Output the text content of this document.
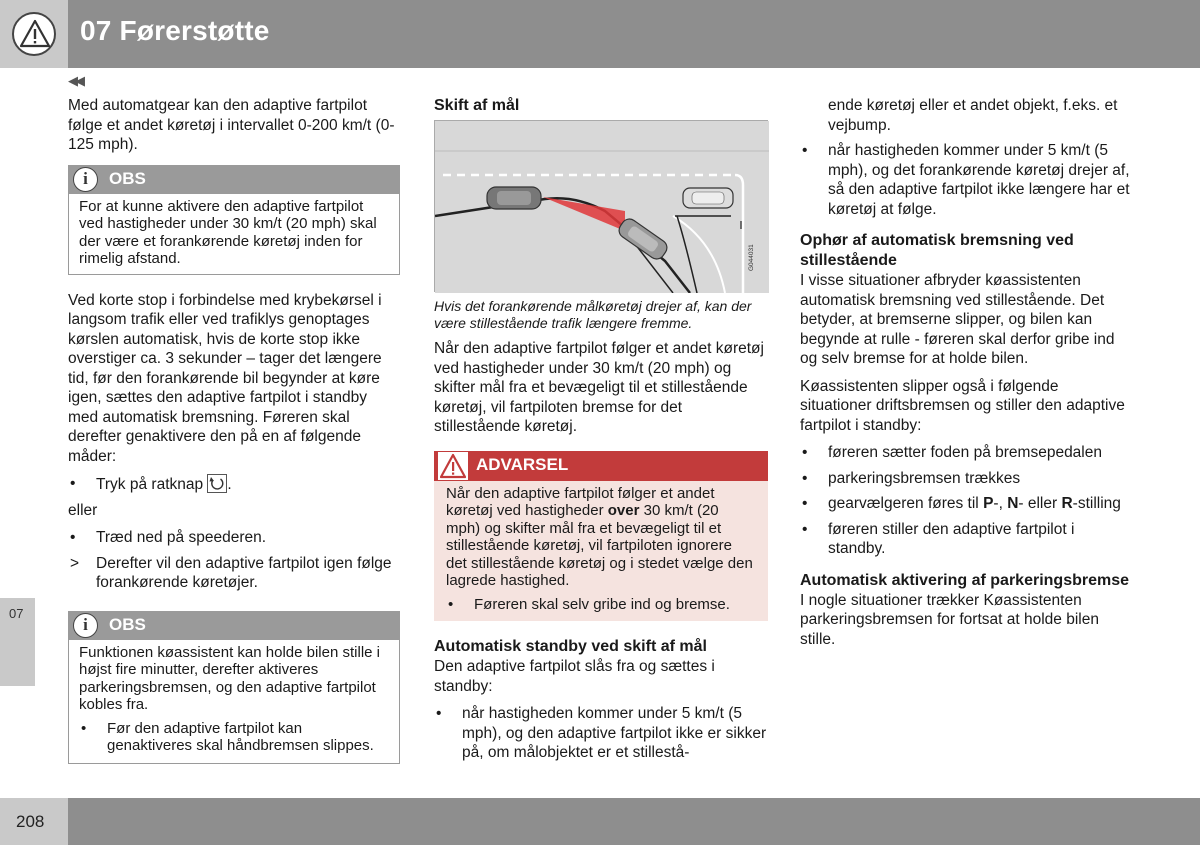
07 Førerstøtte
07
◀◀

Med automatgear kan den adaptive fartpilot følge et andet køretøj i intervallet 0-200 km/t (0-125 mph).

i	OBS
For at kunne aktivere den adaptive fartpilot ved hastigheder under 30 km/t (20 mph) skal der være et forankørende køretøj inden for rimelig afstand.

Ved korte stop i forbindelse med krybekørsel i langsom trafik eller ved trafiklys genoptages kørslen automatisk, hvis de korte stop ikke overstiger ca. 3 sekunder – tager det længere tid, før den forankørende bil begynder at køre igen, sættes den adaptive fartpilot i standby med automatisk bremsning. Føreren skal derefter genaktivere den på en af følgende måder:

• Tryk på ratknap .

eller

• Træd ned på speederen.
> Derefter vil den adaptive fartpilot igen følge forankørende køretøjer.
i	OBS
Funktionen køassistent kan holde bilen stille i højst fire minutter, derefter aktiveres parkeringsbremsen, og den adaptive fartpilot kobles fra.
• Før den adaptive fartpilot kan genaktiveres skal håndbremsen slippes.
Skift af mål
G044031

Hvis det forankørende målkøretøj drejer af, kan der være stillestående trafik længere fremme.

Når den adaptive fartpilot følger et andet køretøj ved hastigheder under 30 km/t (20 mph) og skifter mål fra et bevægeligt til et stillestående køretøj, vil fartpiloten bremse for det stillestående køretøj.

ADVARSEL
Når den adaptive fartpilot følger et andet køretøj ved hastigheder over 30 km/t (20 mph) og skifter mål fra et bevægeligt til et stillestående køretøj, vil fartpiloten ignorere det stillestående køretøj og i stedet vælge den lagrede hastighed.
• Føreren skal selv gribe ind og bremse.
Automatisk standby ved skift af mål

Den adaptive fartpilot slås fra og sættes i standby:

• når hastigheden kommer under 5 km/t (5 mph), og den adaptive fartpilot ikke er sikker på, om målobjektet er et stillestå-
ende køretøj eller et andet objekt, f.eks. et vejbump.
• når hastigheden kommer under 5 km/t (5 mph), og det forankørende køretøj drejer af, så den adaptive fartpilot ikke længere har et køretøj at følge.
Ophør af automatisk bremsning ved stillestående

I visse situationer afbryder køassistenten automatisk bremsning ved stillestående. Det betyder, at bremserne slipper, og bilen kan begynde at rulle - føreren skal derfor gribe ind og selv bremse for at holde bilen.

Køassistenten slipper også i følgende situationer driftsbremsen og stiller den adaptive fartpilot i standby:

• føreren sætter foden på bremsepedalen
• parkeringsbremsen trækkes
• gearvælgeren føres til P-, N- eller R-stilling
• føreren stiller den adaptive fartpilot i standby.
Automatisk aktivering af parkeringsbremse

I nogle situationer trækker Køassistenten parkeringsbremsen for fortsat at holde bilen stille.

208
